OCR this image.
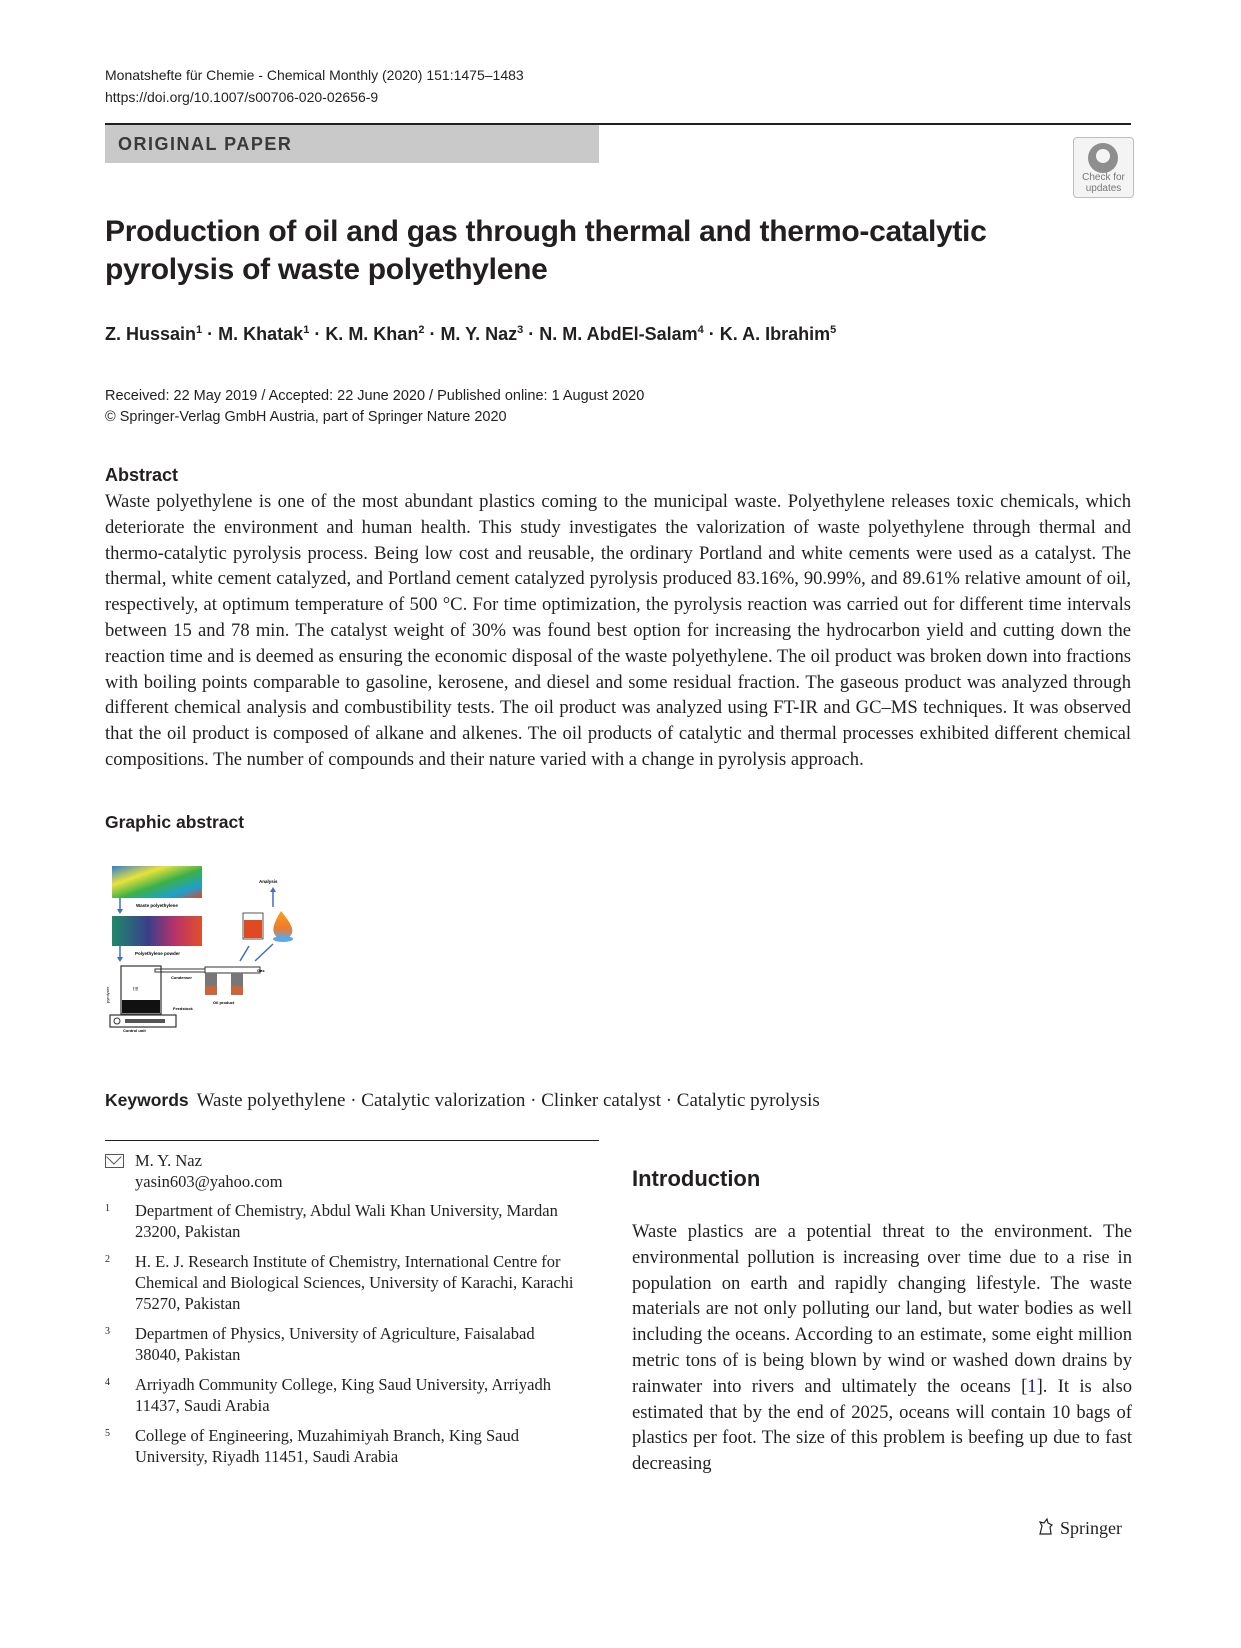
Monatshefte für Chemie - Chemical Monthly (2020) 151:1475–1483
https://doi.org/10.1007/s00706-020-02656-9
ORIGINAL PAPER
Check for
updates
Production of oil and gas through thermal and thermo-catalytic pyrolysis of waste polyethylene
Z. Hussain$^1$ · M. Khatak$^1$ · K. M. Khan$^2$ · M. Y. Naz$^3$ · N. M. AbdEl-Salam$^4$ · K. A. Ibrahim$^5$
Received: 22 May 2019 / Accepted: 22 June 2020 / Published online: 1 August 2020
© Springer-Verlag GmbH Austria, part of Springer Nature 2020
Abstract
Waste polyethylene is one of the most abundant plastics coming to the municipal waste. Polyethylene releases toxic chemicals, which deteriorate the environment and human health. This study investigates the valorization of waste polyethylene through thermal and thermo-catalytic pyrolysis process. Being low cost and reusable, the ordinary Portland and white cements were used as a catalyst. The thermal, white cement catalyzed, and Portland cement catalyzed pyrolysis produced 83.16%, 90.99%, and 89.61% relative amount of oil, respectively, at optimum temperature of 500 °C. For time optimization, the pyrolysis reaction was carried out for different time intervals between 15 and 78 min. The catalyst weight of 30% was found best option for increasing the hydrocarbon yield and cutting down the reaction time and is deemed as ensuring the economic disposal of the waste polyethylene. The oil product was broken down into fractions with boiling points comparable to gasoline, kerosene, and diesel and some residual fraction. The gaseous product was analyzed through different chemical analysis and combustibility tests. The oil product was analyzed using FT-IR and GC–MS techniques. It was observed that the oil product is composed of alkane and alkenes. The oil products of catalytic and thermal processes exhibited different chemical compositions. The number of compounds and their nature varied with a change in pyrolysis approach.
Graphic abstract
Waste polyethylene
Polyethylene powder
!!!!
pyrolyser
Control unit
Feedstock
Condenser
Oil product
Gas
Analysis
Keywords Waste polyethylene · Catalytic valorization · Clinker catalyst · Catalytic pyrolysis
M. Y. Naz
yasin603@yahoo.com
1 Department of Chemistry, Abdul Wali Khan University, Mardan 23200, Pakistan
2 H. E. J. Research Institute of Chemistry, International Centre for Chemical and Biological Sciences, University of Karachi, Karachi 75270, Pakistan
3 Departmen of Physics, University of Agriculture, Faisalabad 38040, Pakistan
4 Arriyadh Community College, King Saud University, Arriyadh 11437, Saudi Arabia
5 College of Engineering, Muzahimiyah Branch, King Saud University, Riyadh 11451, Saudi Arabia
Introduction
Waste plastics are a potential threat to the environment. The environmental pollution is increasing over time due to a rise in population on earth and rapidly changing lifestyle. The waste materials are not only polluting our land, but water bodies as well including the oceans. According to an estimate, some eight million metric tons of is being blown by wind or washed down drains by rainwater into rivers and ultimately the oceans [1]. It is also estimated that by the end of 2025, oceans will contain 10 bags of plastics per foot. The size of this problem is beefing up due to fast decreasing
Springer
